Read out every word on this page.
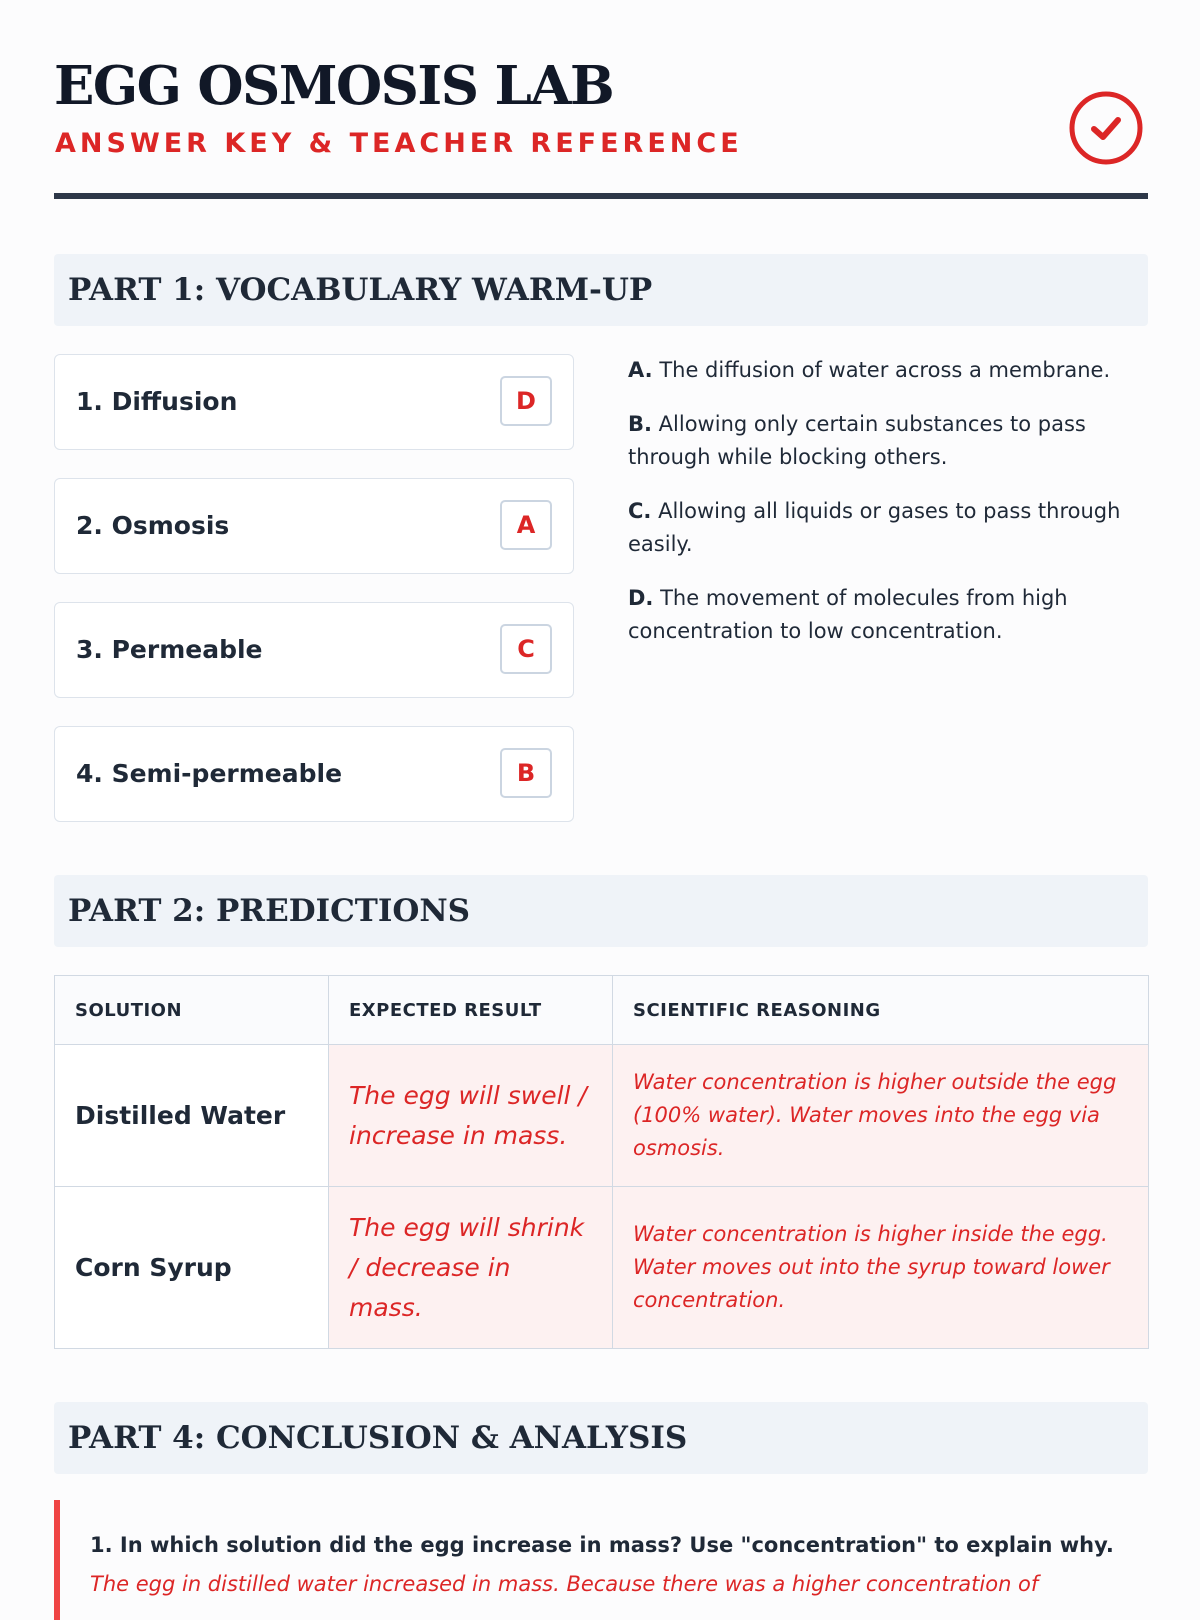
EGG OSMOSIS LAB
ANSWER KEY & TEACHER REFERENCE
PART 1: VOCABULARY WARM-UP
1. Diffusion	D
2. Osmosis	A
3. Permeable	C
4. Semi-permeable	B
A. The diffusion of water across a membrane.
B. Allowing only certain substances to pass through while blocking others.
C. Allowing all liquids or gases to pass through easily.
D. The movement of molecules from high concentration to low concentration.
PART 2: PREDICTIONS
SOLUTION	EXPECTED RESULT	SCIENTIFIC REASONING
Distilled Water	The egg will swell / increase in mass.	Water concentration is higher outside the egg (100% water). Water moves into the egg via osmosis.
Corn Syrup	The egg will shrink / decrease in mass.	Water concentration is higher inside the egg. Water moves out into the syrup toward lower concentration.
PART 4: CONCLUSION & ANALYSIS
1. In which solution did the egg increase in mass? Use "concentration" to explain why.
The egg in distilled water increased in mass. Because there was a higher concentration of
